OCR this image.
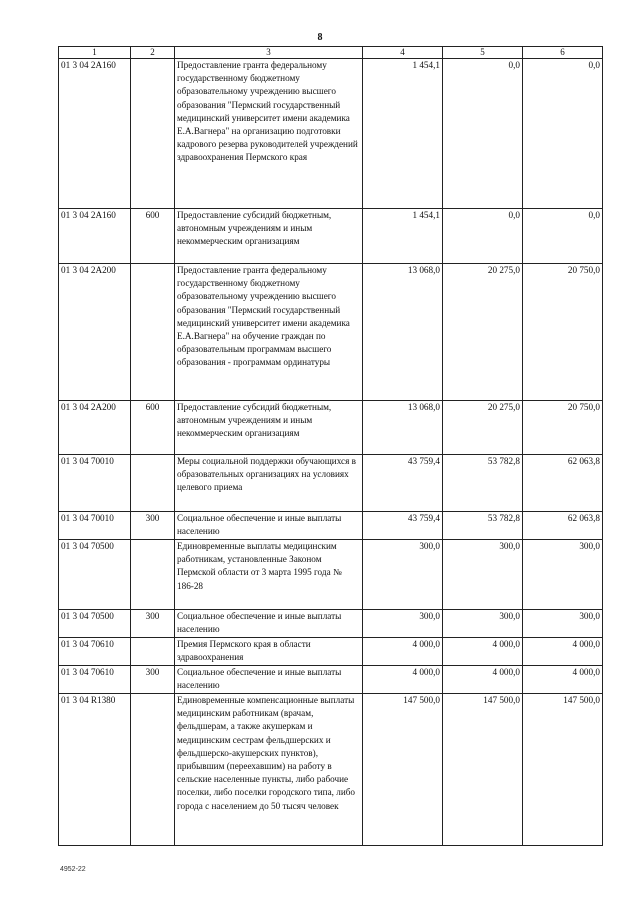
8
1	2	3	4	5	6
01 3 04 2А160		Предоставление гранта федеральному государственному бюджетному образовательному учреждению высшего образования "Пермский государственный медицинский университет имени академика Е.А.Вагнера" на организацию подготовки кадрового резерва руководителей учреждений здравоохранения Пермского края	1 454,1	0,0	0,0
01 3 04 2А160	600	Предоставление субсидий бюджетным, автономным учреждениям и иным некоммерческим организациям	1 454,1	0,0	0,0
01 3 04 2А200		Предоставление гранта федеральному государственному бюджетному образовательному учреждению высшего образования "Пермский государственный медицинский университет имени академика Е.А.Вагнера" на обучение граждан по образовательным программам высшего образования - программам ординатуры	13 068,0	20 275,0	20 750,0
01 3 04 2А200	600	Предоставление субсидий бюджетным, автономным учреждениям и иным некоммерческим организациям	13 068,0	20 275,0	20 750,0
01 3 04 70010		Меры социальной поддержки обучающихся в образовательных организациях на условиях целевого приема	43 759,4	53 782,8	62 063,8
01 3 04 70010	300	Социальное обеспечение и иные выплаты населению	43 759,4	53 782,8	62 063,8
01 3 04 70500		Единовременные выплаты медицинским работникам, установленные Законом Пермской области от 3 марта 1995 года № 186-28	300,0	300,0	300,0
01 3 04 70500	300	Социальное обеспечение и иные выплаты населению	300,0	300,0	300,0
01 3 04 70610		Премия Пермского края в области здравоохранения	4 000,0	4 000,0	4 000,0
01 3 04 70610	300	Социальное обеспечение и иные выплаты населению	4 000,0	4 000,0	4 000,0
01 3 04 R1380		Единовременные компенсационные выплаты медицинским работникам (врачам, фельдшерам, а также акушеркам и медицинским сестрам фельдшерских и фельдшерско-акушерских пунктов), прибывшим (переехавшим) на работу в сельские населенные пункты, либо рабочие поселки, либо поселки городского типа, либо города с населением до 50 тысяч человек	147 500,0	147 500,0	147 500,0
4952-22
